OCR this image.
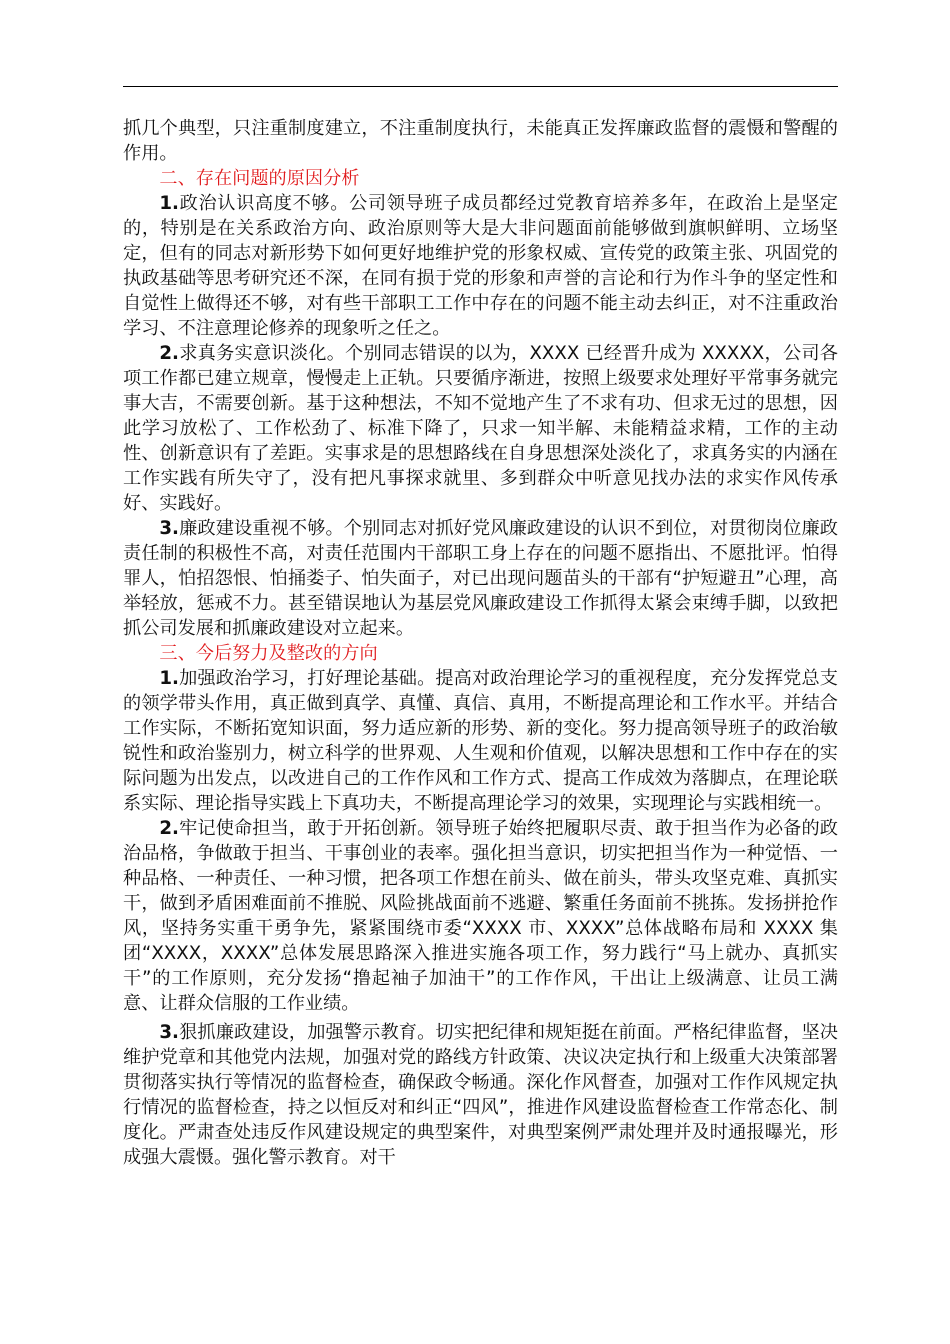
抓几个典型，只注重制度建立，不注重制度执行，未能真正发挥廉政监督的震慑和警醒的作用。

二、存在问题的原因分析

1.政治认识高度不够。公司领导班子成员都经过党教育培养多年，在政治上是坚定的，特别是在关系政治方向、政治原则等大是大非问题面前能够做到旗帜鲜明、立场坚定，但有的同志对新形势下如何更好地维护党的形象权威、宣传党的政策主张、巩固党的执政基础等思考研究还不深，在同有损于党的形象和声誉的言论和行为作斗争的坚定性和自觉性上做得还不够，对有些干部职工工作中存在的问题不能主动去纠正，对不注重政治学习、不注意理论修养的现象听之任之。

2.求真务实意识淡化。个别同志错误的以为，XXXX 已经晋升成为 XXXXX，公司各项工作都已建立规章，慢慢走上正轨。只要循序渐进，按照上级要求处理好平常事务就完事大吉，不需要创新。基于这种想法，不知不觉地产生了不求有功、但求无过的思想，因此学习放松了、工作松劲了、标准下降了，只求一知半解、未能精益求精，工作的主动性、创新意识有了差距。实事求是的思想路线在自身思想深处淡化了，求真务实的内涵在工作实践有所失守了，没有把凡事探求就里、多到群众中听意见找办法的求实作风传承好、实践好。

3.廉政建设重视不够。个别同志对抓好党风廉政建设的认识不到位，对贯彻岗位廉政责任制的积极性不高，对责任范围内干部职工身上存在的问题不愿指出、不愿批评。怕得罪人，怕招怨恨、怕捅娄子、怕失面子，对已出现问题苗头的干部有“护短避丑”心理，高举轻放，惩戒不力。甚至错误地认为基层党风廉政建设工作抓得太紧会束缚手脚，以致把抓公司发展和抓廉政建设对立起来。

三、今后努力及整改的方向

1.加强政治学习，打好理论基础。提高对政治理论学习的重视程度，充分发挥党总支的领学带头作用，真正做到真学、真懂、真信、真用，不断提高理论和工作水平。并结合工作实际，不断拓宽知识面，努力适应新的形势、新的变化。努力提高领导班子的政治敏锐性和政治鉴别力，树立科学的世界观、人生观和价值观，以解决思想和工作中存在的实际问题为出发点，以改进自己的工作作风和工作方式、提高工作成效为落脚点，在理论联系实际、理论指导实践上下真功夫，不断提高理论学习的效果，实现理论与实践相统一。

2.牢记使命担当，敢于开拓创新。领导班子始终把履职尽责、敢于担当作为必备的政治品格，争做敢于担当、干事创业的表率。强化担当意识，切实把担当作为一种觉悟、一种品格、一种责任、一种习惯，把各项工作想在前头、做在前头，带头攻坚克难、真抓实干，做到矛盾困难面前不推脱、风险挑战面前不逃避、繁重任务面前不挑拣。发扬拼抢作风，坚持务实重干勇争先，紧紧围绕市委“XXXX 市、XXXX”总体战略布局和 XXXX 集团“XXXX，XXXX”总体发展思路深入推进实施各项工作，努力践行“马上就办、真抓实干”的工作原则，充分发扬“撸起袖子加油干”的工作作风，干出让上级满意、让员工满意、让群众信服的工作业绩。

3.狠抓廉政建设，加强警示教育。切实把纪律和规矩挺在前面。严格纪律监督，坚决维护党章和其他党内法规，加强对党的路线方针政策、决议决定执行和上级重大决策部署贯彻落实执行等情况的监督检查，确保政令畅通。深化作风督查，加强对工作作风规定执行情况的监督检查，持之以恒反对和纠正“四风”，推进作风建设监督检查工作常态化、制度化。严肃查处违反作风建设规定的典型案件，对典型案例严肃处理并及时通报曝光，形成强大震慑。强化警示教育。对干
